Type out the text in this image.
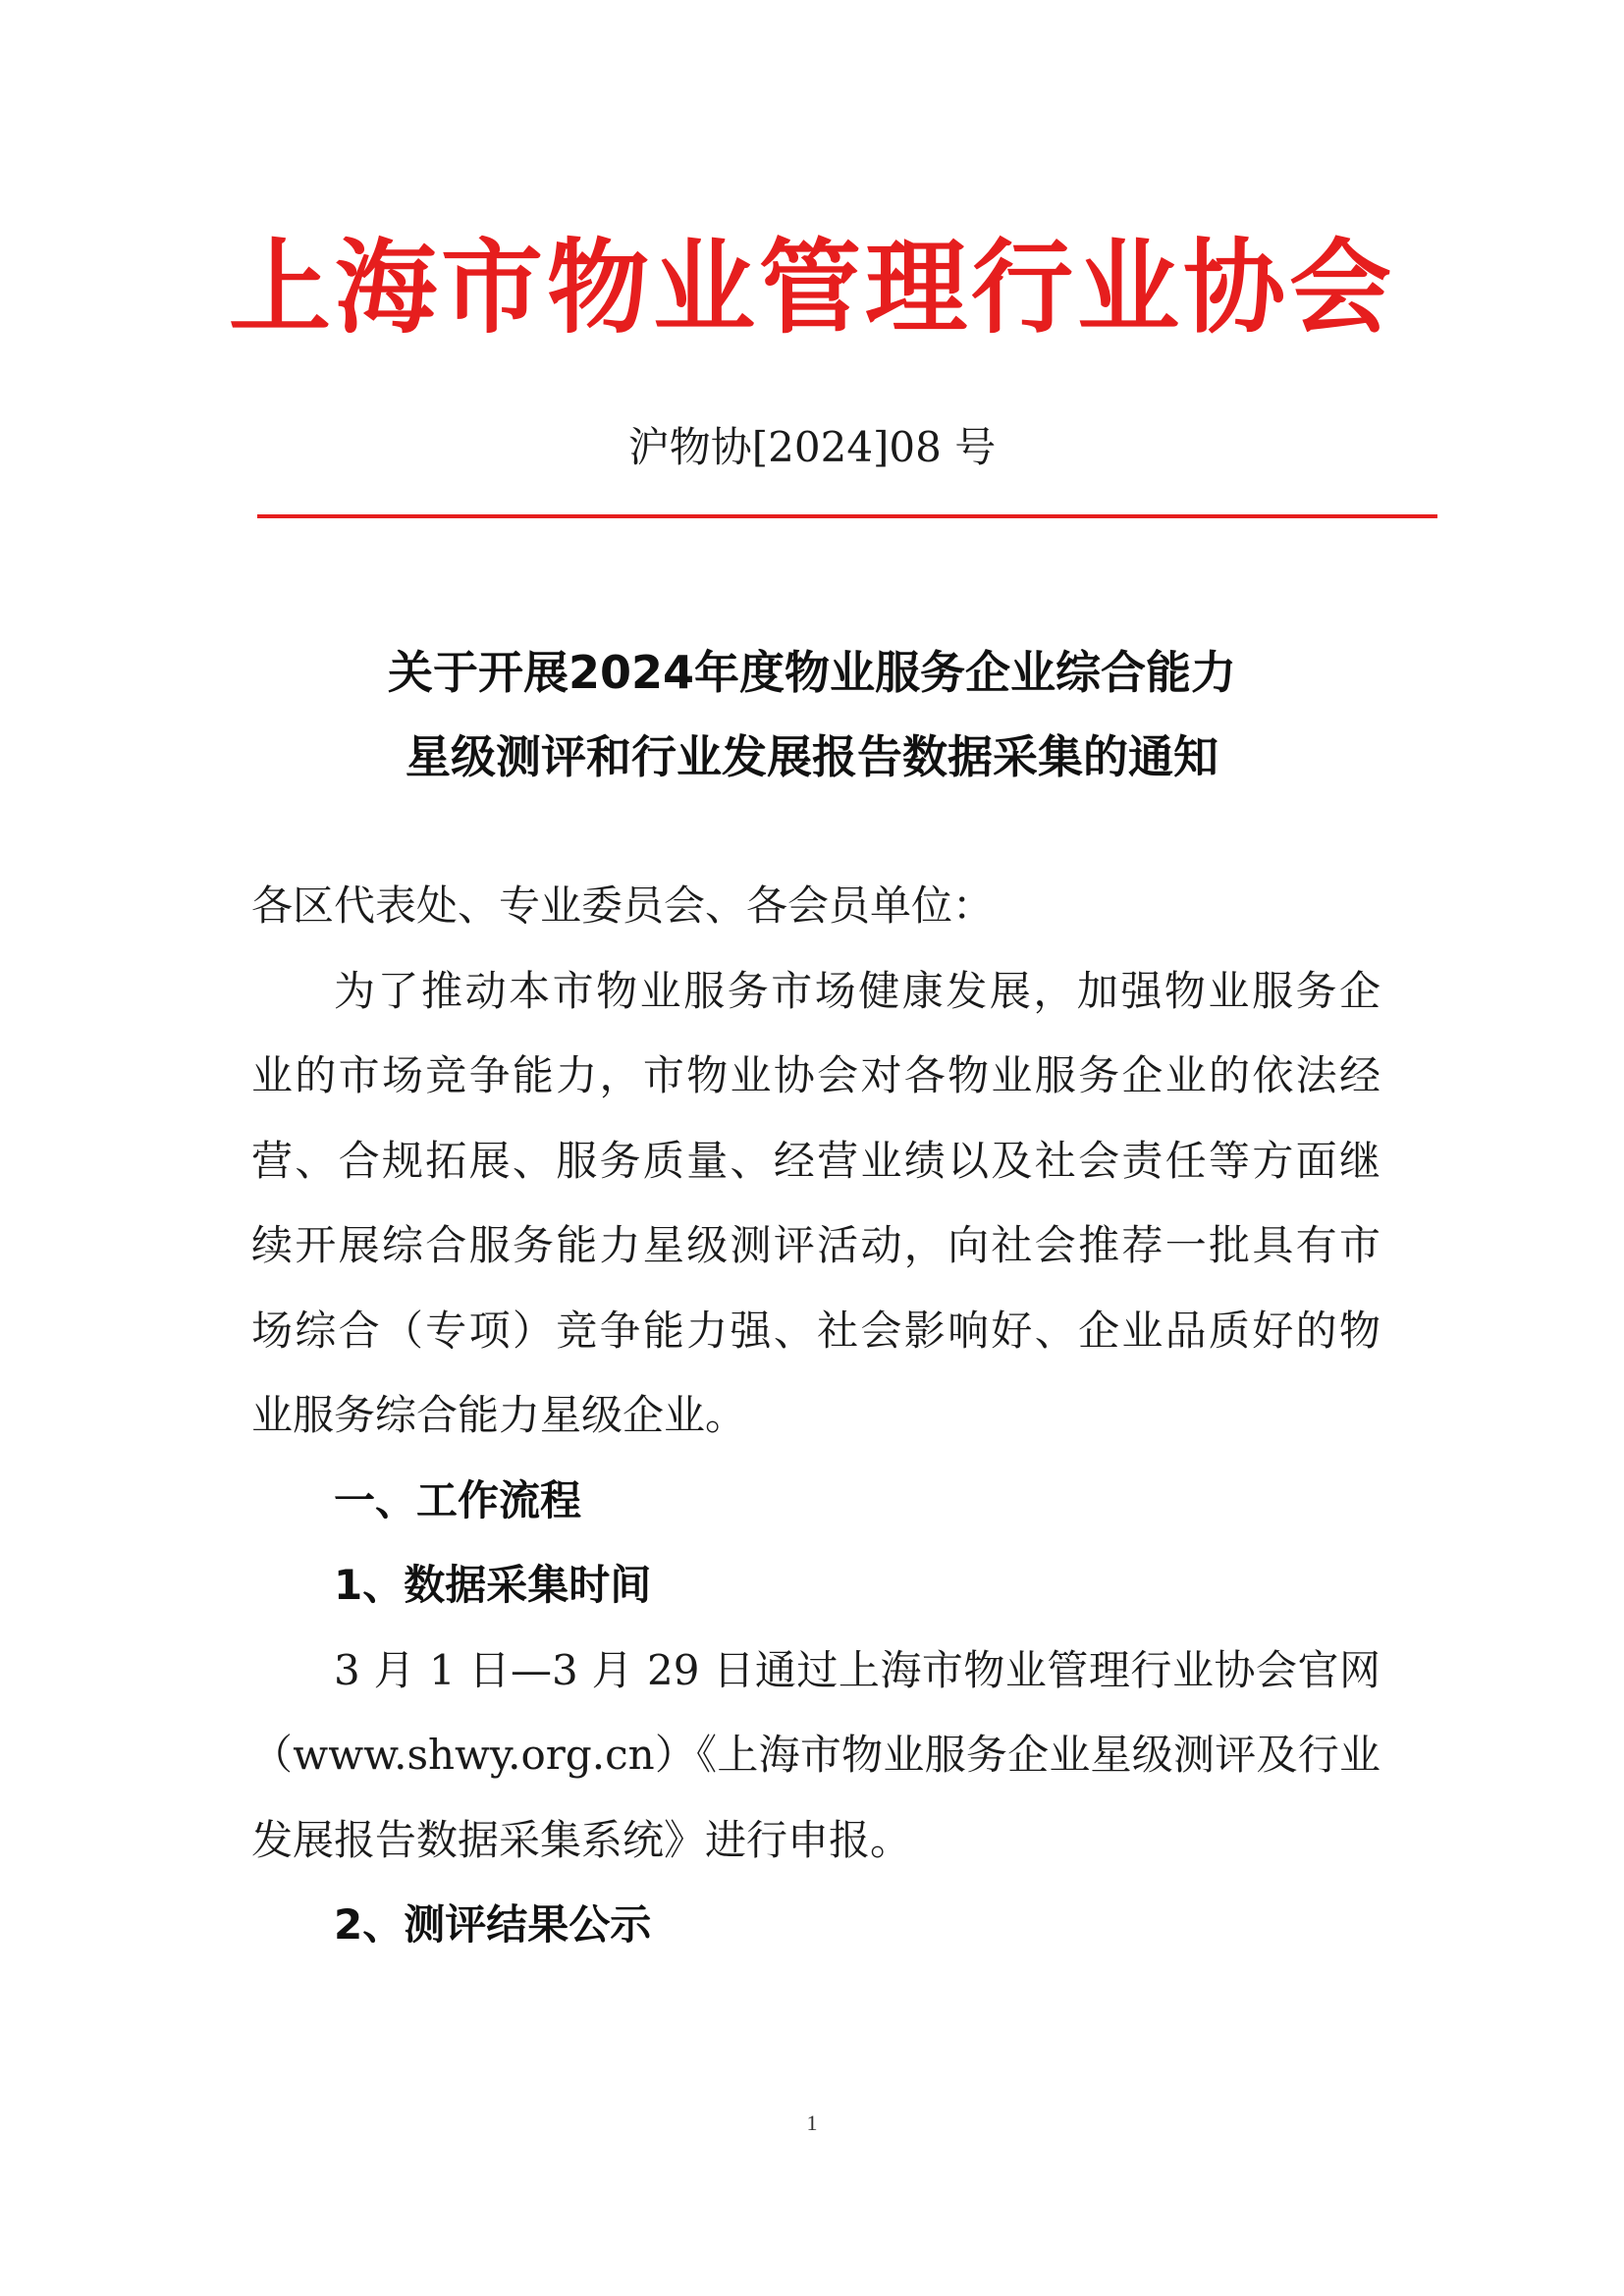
上海市物业管理行业协会
沪物协[2024]08 号
关于开展2024年度物业服务企业综合能力
星级测评和行业发展报告数据采集的通知
各区代表处、专业委员会、各会员单位：
为了推动本市物业服务市场健康发展，加强物业服务企
业的市场竞争能力，市物业协会对各物业服务企业的依法经
营、合规拓展、服务质量、经营业绩以及社会责任等方面继
续开展综合服务能力星级测评活动，向社会推荐一批具有市
场综合（专项）竞争能力强、社会影响好、企业品质好的物
业服务综合能力星级企业。
一、工作流程
1、数据采集时间
3 月 1 日—3 月 29 日通过上海市物业管理行业协会官网
（www.shwy.org.cn）《上海市物业服务企业星级测评及行业
发展报告数据采集系统》进行申报。
2、测评结果公示
1
